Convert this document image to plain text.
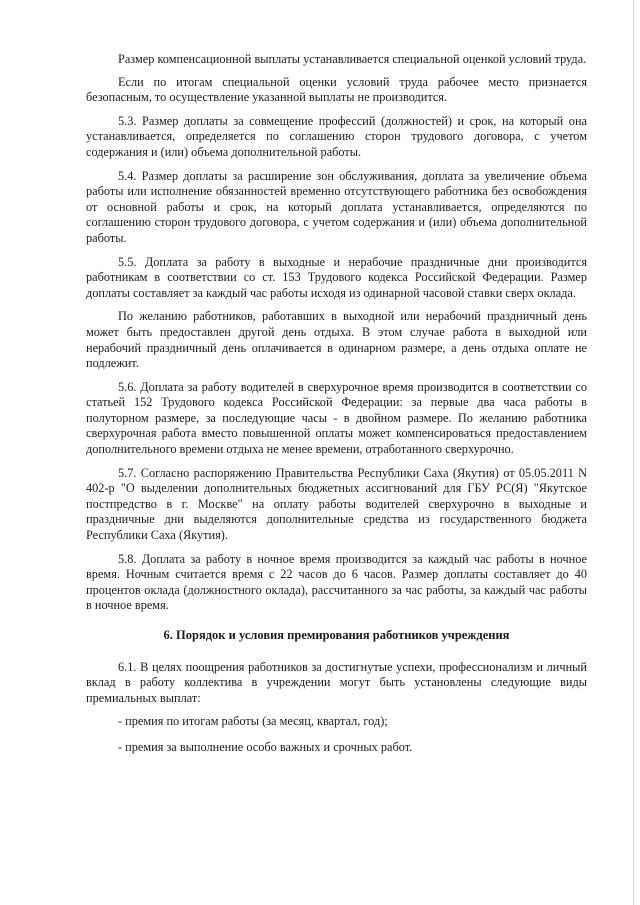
Размер компенсационной выплаты устанавливается специальной оценкой условий труда.

Если по итогам специальной оценки условий труда рабочее место признается безопасным, то осуществление указанной выплаты не производится.

5.3. Размер доплаты за совмещение профессий (должностей) и срок, на который она устанавливается, определяется по соглашению сторон трудового договора, с учетом содержания и (или) объема дополнительной работы.

5.4. Размер доплаты за расширение зон обслуживания, доплата за увеличение объема работы или исполнение обязанностей временно отсутствующего работника без освобождения от основной работы и срок, на который доплата устанавливается, определяются по соглашению сторон трудового договора, с учетом содержания и (или) объема дополнительной работы.

5.5. Доплата за работу в выходные и нерабочие праздничные дни производится работникам в соответствии со ст. 153 Трудового кодекса Российской Федерации. Размер доплаты составляет за каждый час работы исходя из одинарной часовой ставки сверх оклада.

По желанию работников, работавших в выходной или нерабочий праздничный день может быть предоставлен другой день отдыха. В этом случае работа в выходной или нерабочий праздничный день оплачивается в одинарном размере, а день отдыха оплате не подлежит.

5.6. Доплата за работу водителей в сверхурочное время производится в соответствии со статьей 152 Трудового кодекса Российской Федерации: за первые два часа работы в полуторном размере, за последующие часы - в двойном размере. По желанию работника сверхурочная работа вместо повышенной оплаты может компенсироваться предоставлением дополнительного времени отдыха не менее времени, отработанного сверхурочно.

5.7. Согласно распоряжению Правительства Республики Саха (Якутия) от 05.05.2011 N 402-р "О выделении дополнительных бюджетных ассигнований для ГБУ РС(Я) "Якутское постпредство в г. Москве" на оплату работы водителей сверхурочно в выходные и праздничные дни выделяются дополнительные средства из государственного бюджета Республики Саха (Якутия).

5.8. Доплата за работу в ночное время производится за каждый час работы в ночное время. Ночным считается время с 22 часов до 6 часов. Размер доплаты составляет до 40 процентов оклада (должностного оклада), рассчитанного за час работы, за каждый час работы в ночное время.

6. Порядок и условия премирования работников учреждения

6.1. В целях поощрения работников за достигнутые успехи, профессионализм и личный вклад в работу коллектива в учреждении могут быть установлены следующие виды премиальных выплат:

- премия по итогам работы (за месяц, квартал, год);

- премия за выполнение особо важных и срочных работ.
